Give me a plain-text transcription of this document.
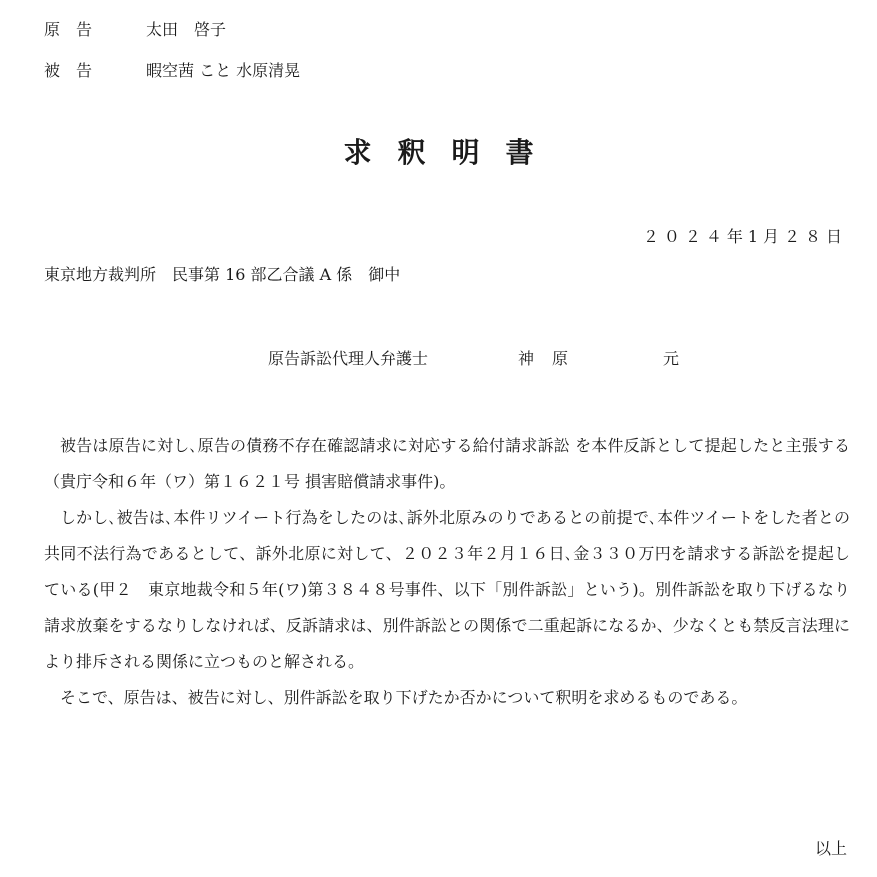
原告 太田　啓子
被告 暇空茜 こと 水原清晃
求釈明書
２０２４年1月２８日
東京地方裁判所　民事第 16 部乙合議 A 係　御中
原告訴訟代理人弁護士	神原	元

被告は原告に対し､原告の債務不存在確認請求に対応する給付請求訴訟 を本件反訴として提起したと主張する（貴庁令和６年（ワ）第１６２１号 損害賠償請求事件)。

しかし､被告は､本件リツイート行為をしたのは､訴外北原みのりであるとの前提で､本件ツイートをした者との共同不法行為であるとして、訴外北原に対して、２０２３年２月１６日､金３３０万円を請求する訴訟を提起している(甲２　東京地裁令和５年(ワ)第３８４８号事件、以下「別件訴訟」という)。別件訴訟を取り下げるなり請求放棄をするなりしなければ、反訴請求は、別件訴訟との関係で二重起訴になるか、少なくとも禁反言法理により排斥される関係に立つものと解される。

そこで、原告は、被告に対し、別件訴訟を取り下げたか否かについて釈明を求めるものである。

以上
